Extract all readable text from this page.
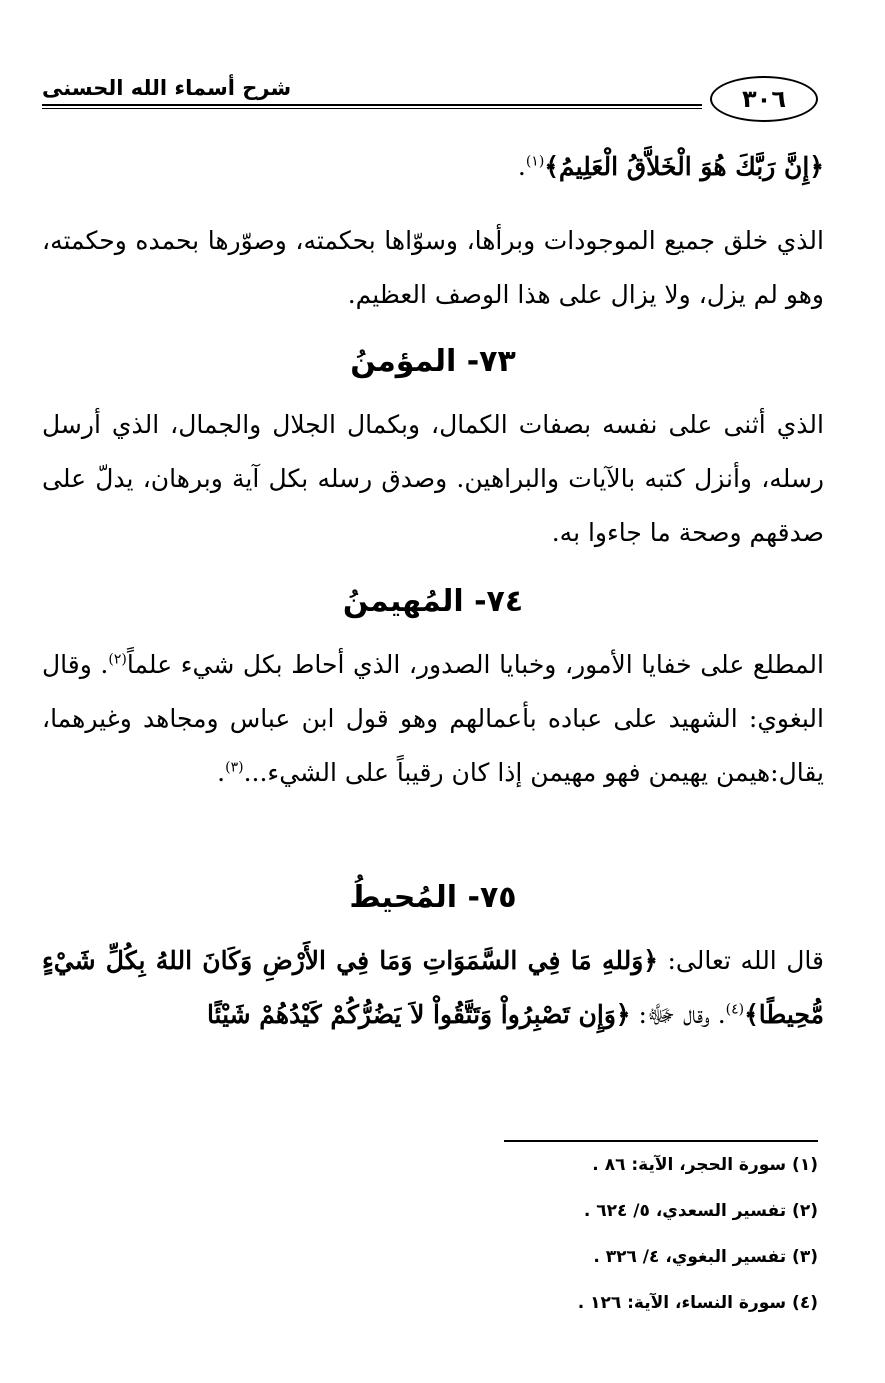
شرح أسماء الله الحسنى	٣٠٦
﴿إِنَّ رَبَّكَ هُوَ الْخَلاَّقُ الْعَلِيمُ﴾$^{(١)}$.
الذي خلق جميع الموجودات وبرأها، وسوّاها بحكمته، وصوّرها بحمده وحكمته، وهو لم يزل، ولا يزال على هذا الوصف العظيم.
٧٣- المؤمنُ
الذي أثنى على نفسه بصفات الكمال، وبكمال الجلال والجمال، الذي أرسل رسله، وأنزل كتبه بالآيات والبراهين. وصدق رسله بكل آية وبرهان، يدلّ على صدقهم وصحة ما جاءوا به.
٧٤- المُهيمنُ
المطلع على خفايا الأمور، وخبايا الصدور، الذي أحاط بكل شيء علماً$^{(٢)}$. وقال البغوي: الشهيد على عباده بأعمالهم وهو قول ابن عباس ومجاهد وغيرهما، يقال:هيمن يهيمن فهو مهيمن إذا كان رقيباً على الشيء...$^{(٣)}$.
٧٥- المُحيطُ
قال الله تعالى: ﴿وَللهِ مَا فِي السَّمَوَاتِ وَمَا فِي الأَرْضِ وَكَانَ اللهُ بِكُلِّ شَيْءٍ مُّحِيطًا﴾$^{(٤)}$. وقال ﷻ: ﴿وَإِن تَصْبِرُواْ وَتَتَّقُواْ لاَ يَضُرُّكُمْ كَيْدُهُمْ شَيْئًا
(١) سورة الحجر، الآية: ٨٦ .
(٢) تفسير السعدي، ٥/ ٦٢٤ .
(٣) تفسير البغوي، ٤/ ٣٢٦ .
(٤) سورة النساء، الآية: ١٢٦ .
